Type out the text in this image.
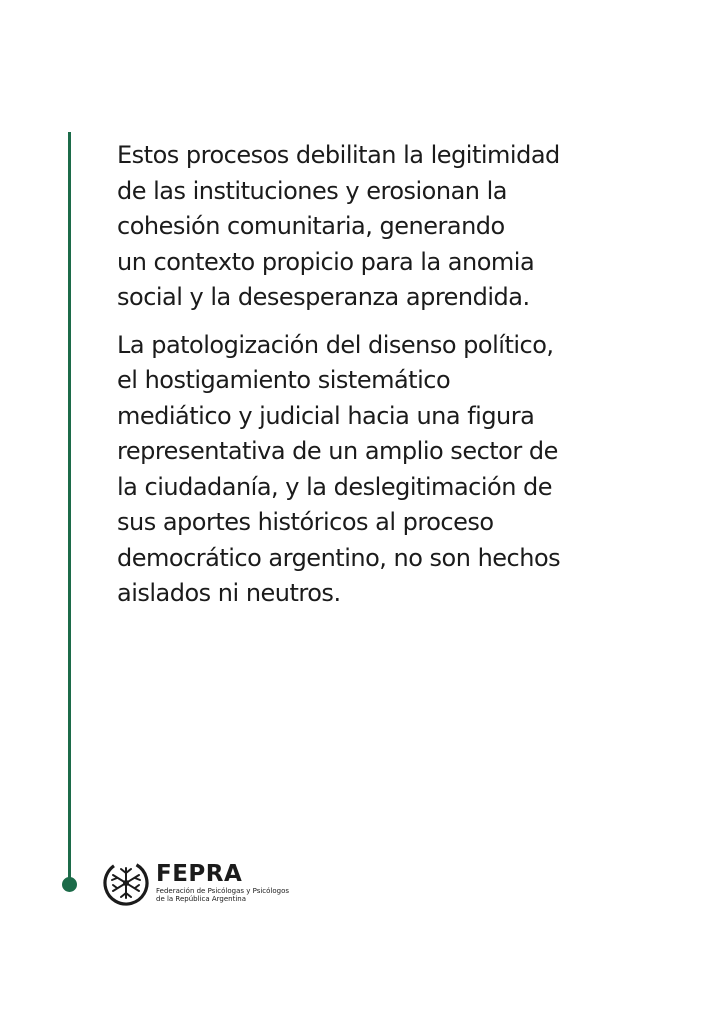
Estos procesos debilitan la legitimidad
de las instituciones y erosionan la
cohesión comunitaria, generando
un contexto propicio para la anomia
social y la desesperanza aprendida.

La patologización del disenso político,
el hostigamiento sistemático
mediático y judicial hacia una figura
representativa de un amplio sector de
la ciudadanía, y la deslegitimación de
sus aportes históricos al proceso
democrático argentino, no son hechos
aislados ni neutros.

FEPRA
Federación de Psicólogas y Psicólogos
de la República Argentina
